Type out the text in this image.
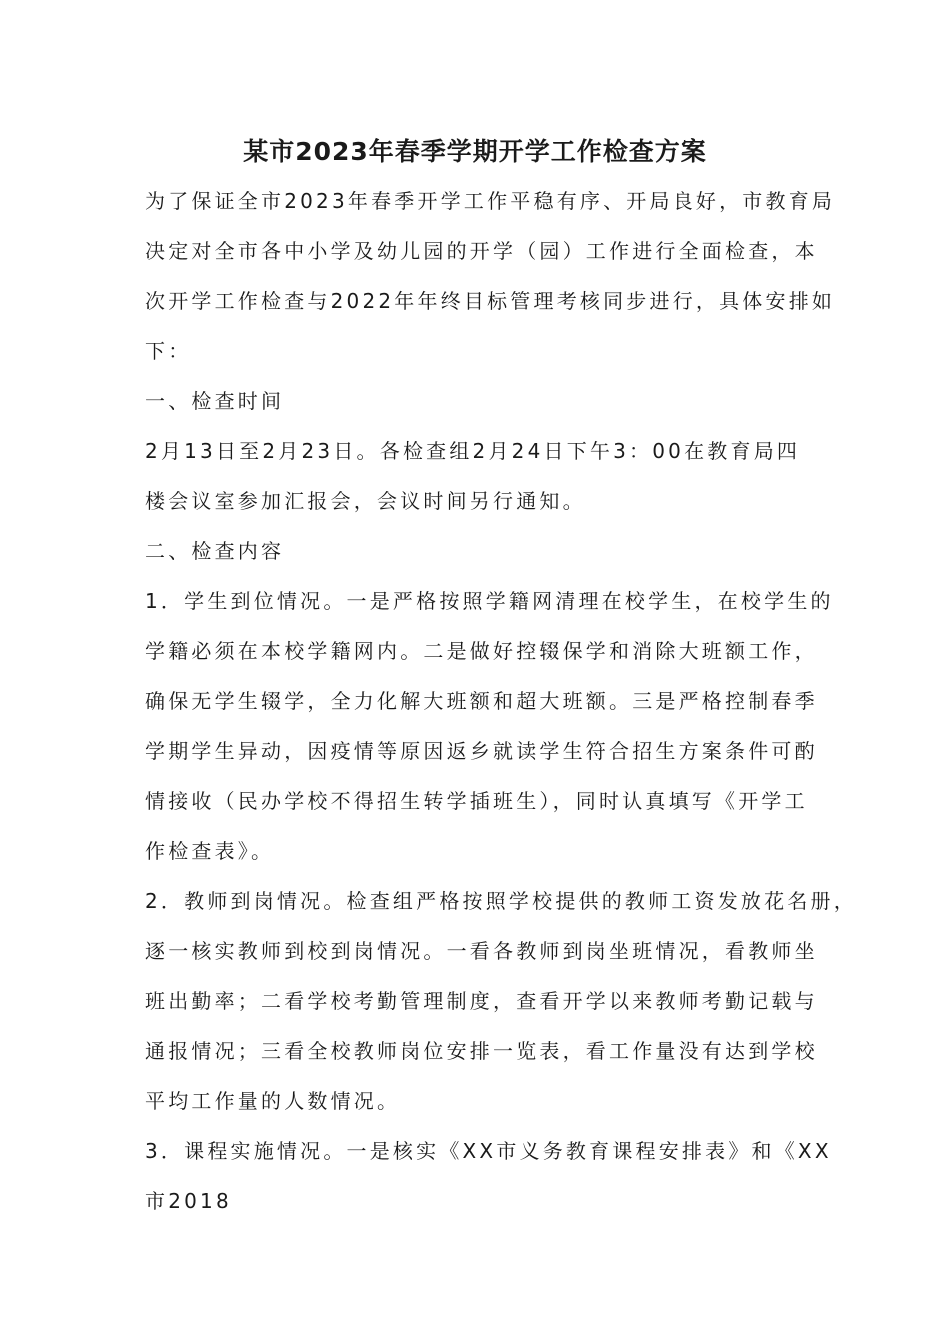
某市2023年春季学期开学工作检查方案

为了保证全市2023年春季开学工作平稳有序、开局良好，市教育局
决定对全市各中小学及幼儿园的开学（园）工作进行全面检查，本
次开学工作检查与2022年年终目标管理考核同步进行，具体安排如
下：

一、检查时间

2月13日至2月23日。各检查组2月24日下午3：00在教育局四
楼会议室参加汇报会，会议时间另行通知。

二、检查内容

1．学生到位情况。一是严格按照学籍网清理在校学生，在校学生的
学籍必须在本校学籍网内。二是做好控辍保学和消除大班额工作，
确保无学生辍学，全力化解大班额和超大班额。三是严格控制春季
学期学生异动，因疫情等原因返乡就读学生符合招生方案条件可酌
情接收（民办学校不得招生转学插班生），同时认真填写《开学工
作检查表》。

2．教师到岗情况。检查组严格按照学校提供的教师工资发放花名册，
逐一核实教师到校到岗情况。一看各教师到岗坐班情况，看教师坐
班出勤率；二看学校考勤管理制度，查看开学以来教师考勤记载与
通报情况；三看全校教师岗位安排一览表，看工作量没有达到学校
平均工作量的人数情况。

3．课程实施情况。一是核实《XX市义务教育课程安排表》和《XX
市2018
